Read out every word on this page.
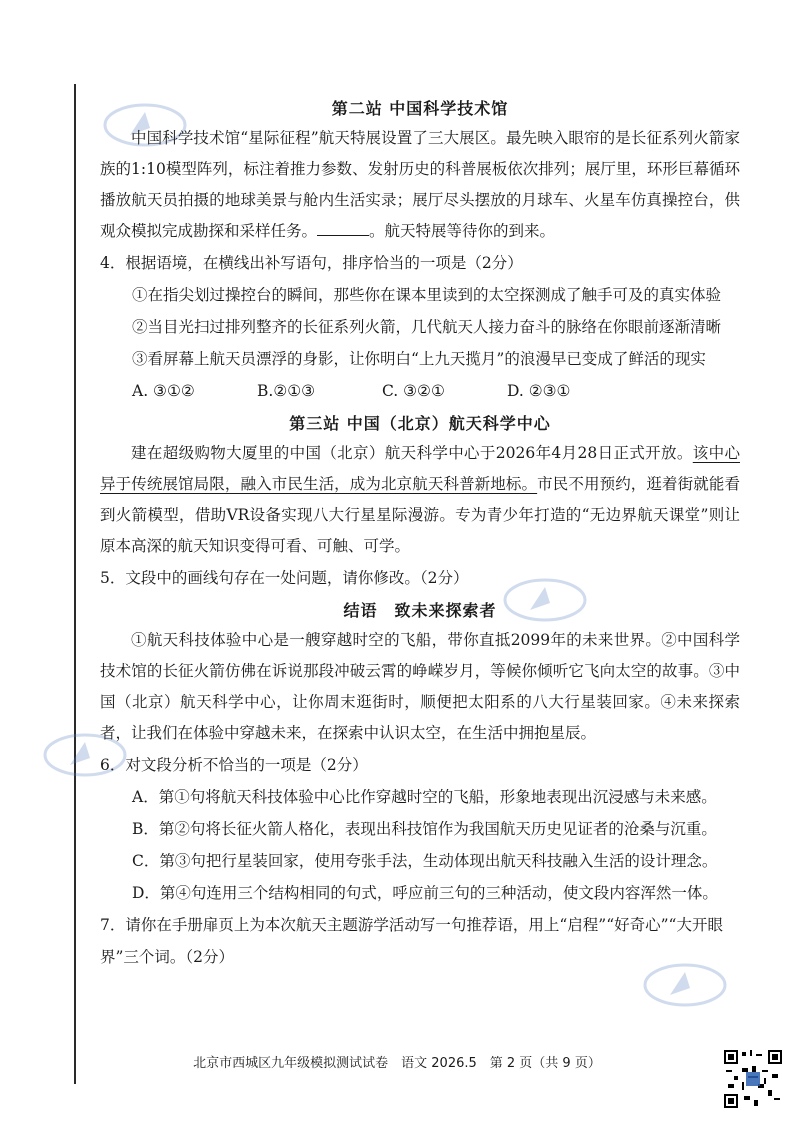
第二站 中国科学技术馆

中国科学技术馆“星际征程”航天特展设置了三大展区。最先映入眼帘的是长征系列火箭家族的1:10模型阵列，标注着推力参数、发射历史的科普展板依次排列；展厅里，环形巨幕循环播放航天员拍摄的地球美景与舱内生活实录；展厅尽头摆放的月球车、火星车仿真操控台，供观众模拟完成勘探和采样任务。	。航天特展等待你的到来。

4．根据语境，在横线出补写语句，排序恰当的一项是（2分）

①在指尖划过操控台的瞬间，那些你在课本里读到的太空探测成了触手可及的真实体验

②当目光扫过排列整齐的长征系列火箭，几代航天人接力奋斗的脉络在你眼前逐渐清晰

③看屏幕上航天员漂浮的身影，让你明白“上九天揽月”的浪漫早已变成了鲜活的现实

A. ③①②	B.②①③	C. ③②①	D. ②③①
第三站 中国（北京）航天科学中心

建在超级购物大厦里的中国（北京）航天科学中心于2026年4月28日正式开放。该中心异于传统展馆局限，融入市民生活，成为北京航天科普新地标。市民不用预约，逛着街就能看到火箭模型，借助VR设备实现八大行星星际漫游。专为青少年打造的“无边界航天课堂”则让原本高深的航天知识变得可看、可触、可学。

5．文段中的画线句存在一处问题，请你修改。（2分）

结语　致未来探索者

①航天科技体验中心是一艘穿越时空的飞船，带你直抵2099年的未来世界。②中国科学技术馆的长征火箭仿佛在诉说那段冲破云霄的峥嵘岁月，等候你倾听它飞向太空的故事。③中国（北京）航天科学中心，让你周末逛街时，顺便把太阳系的八大行星装回家。④未来探索者，让我们在体验中穿越未来，在探索中认识太空，在生活中拥抱星辰。

6．对文段分析不恰当的一项是（2分）

A．第①句将航天科技体验中心比作穿越时空的飞船，形象地表现出沉浸感与未来感。

B．第②句将长征火箭人格化，表现出科技馆作为我国航天历史见证者的沧桑与沉重。

C．第③句把行星装回家，使用夸张手法，生动体现出航天科技融入生活的设计理念。

D．第④句连用三个结构相同的句式，呼应前三句的三种活动，使文段内容浑然一体。

7．请你在手册扉页上为本次航天主题游学活动写一句推荐语，用上“启程”“好奇心”“大开眼界”三个词。（2分）

北京市西城区九年级模拟测试试卷　语文 2026.5　第 2 页（共 9 页）
